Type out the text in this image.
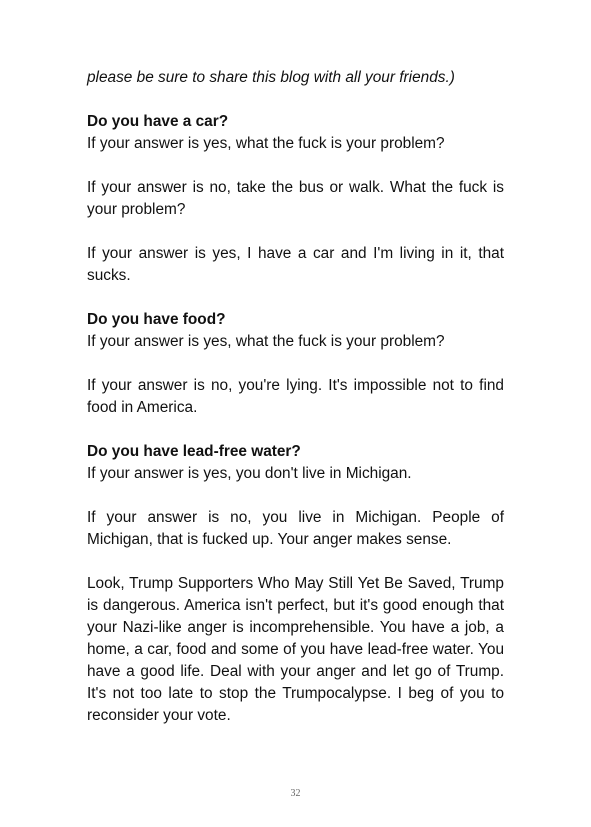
please be sure to share this blog with all your friends.)

Do you have a car?
If your answer is yes, what the fuck is your problem?

If your answer is no, take the bus or walk. What the fuck is your problem?

If your answer is yes, I have a car and I'm living in it, that sucks.

Do you have food?
If your answer is yes, what the fuck is your problem?

If your answer is no, you're lying. It's impossible not to find food in America.

Do you have lead-free water?
If your answer is yes, you don't live in Michigan.

If your answer is no, you live in Michigan. People of Michigan, that is fucked up. Your anger makes sense.

Look, Trump Supporters Who May Still Yet Be Saved, Trump is dangerous. America isn't perfect, but it's good enough that your Nazi-like anger is incomprehensible. You have a job, a home, a car, food and some of you have lead-free water. You have a good life. Deal with your anger and let go of Trump. It's not too late to stop the Trumpocalypse. I beg of you to reconsider your vote.

32
